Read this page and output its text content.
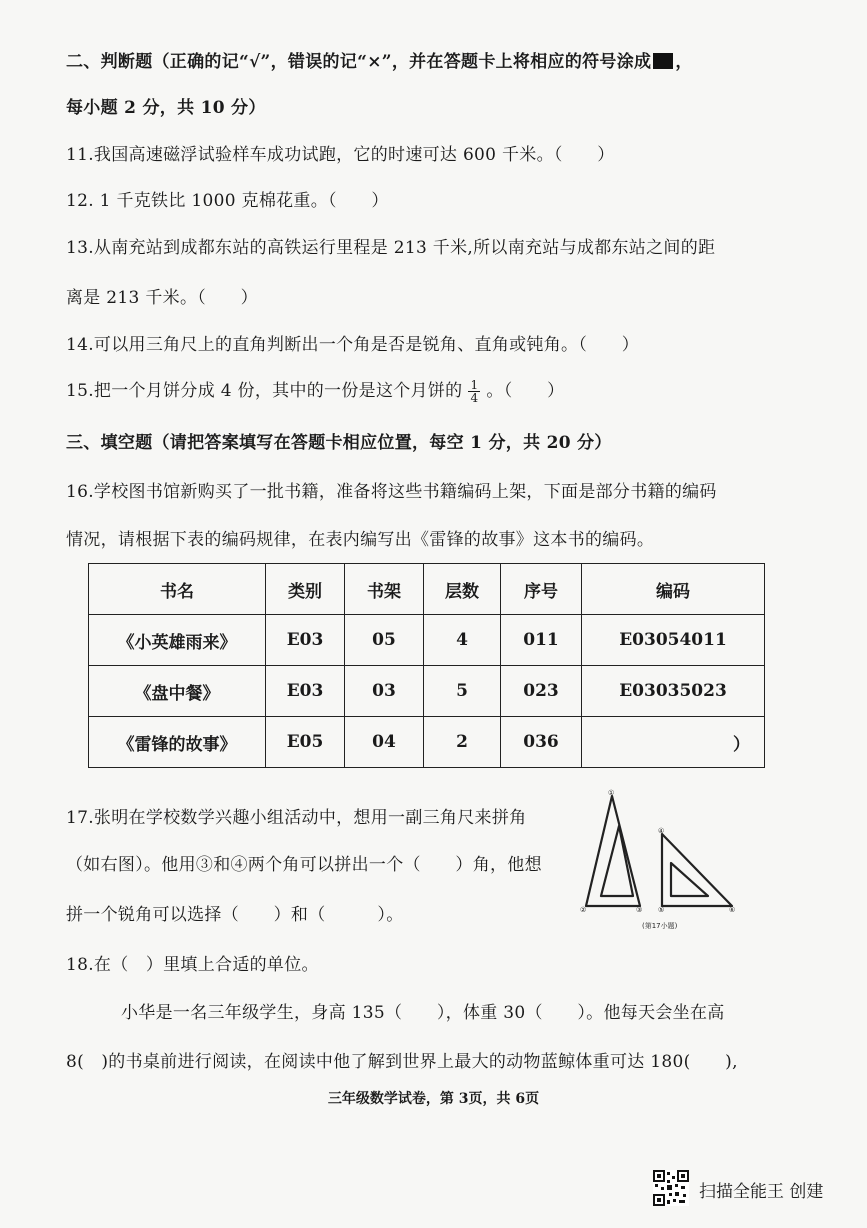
二、判断题（正确的记“√”，错误的记“×”，并在答题卡上将相应的符号涂成 ，
每小题 2 分，共 10 分）
11.我国高速磁浮试验样车成功试跑，它的时速可达 600 千米。（　　）
12. 1 千克铁比 1000 克棉花重。（　　）
13.从南充站到成都东站的高铁运行里程是 213 千米,所以南充站与成都东站之间的距
离是 213 千米。（　　）
14.可以用三角尺上的直角判断出一个角是否是锐角、直角或钝角。（　　）
15.把一个月饼分成 4 份，其中的一份是这个月饼的 $\frac{1}{4}$ 。（　　）
三、填空题（请把答案填写在答题卡相应位置，每空 1 分，共 20 分）
16.学校图书馆新购买了一批书籍，准备将这些书籍编码上架，下面是部分书籍的编码
情况，请根据下表的编码规律，在表内编写出《雷锋的故事》这本书的编码。
书名	类别	书架	层数	序号	编码
《小英雄雨来》	E03	05	4	011	E03054011
《盘中餐》	E03	03	5	023	E03035023
《雷锋的故事》	E05	04	2	036	　　　　　　）
17.张明在学校数学兴趣小组活动中，想用一副三角尺来拼角
（如右图）。他用③和④两个角可以拼出一个（　　）角，他想
拼一个锐角可以选择（　　）和（　　　）。
①
②	③
④
⑤	⑥
(第17小题)
18.在（　）里填上合适的单位。
小华是一名三年级学生，身高 135（　　），体重 30（　　）。他每天会坐在高
8(　)的书桌前进行阅读，在阅读中他了解到世界上最大的动物蓝鲸体重可达 180(　　),
三年级数学试卷，第 3页，共 6页
扫描全能王 创建
